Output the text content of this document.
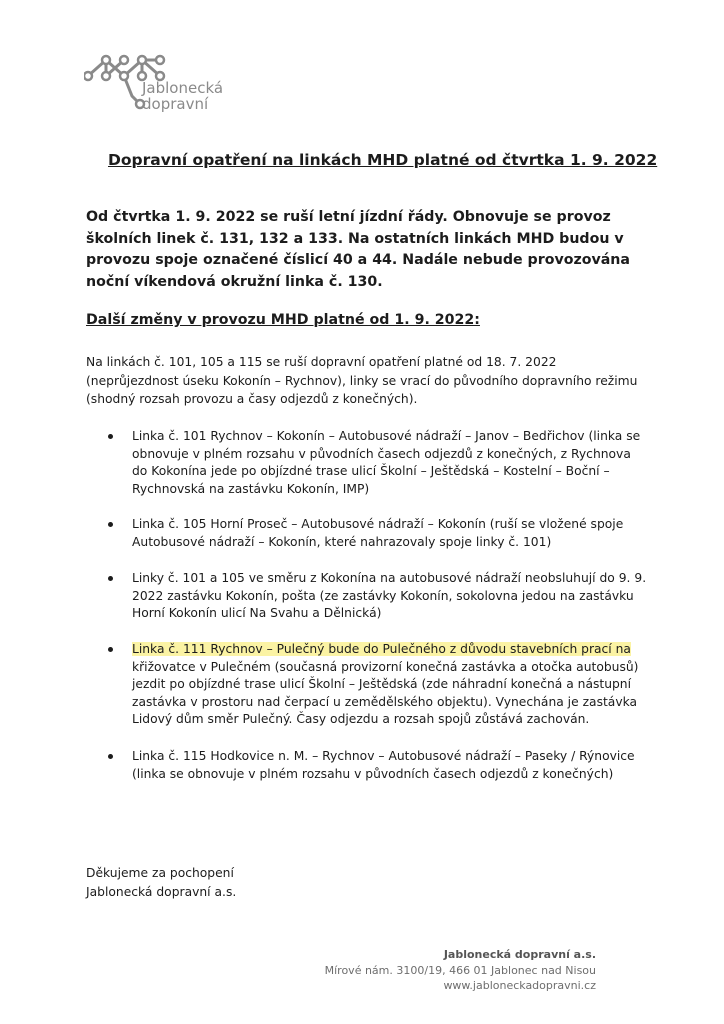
Jablonecká
dopravní
Dopravní opatření na linkách MHD platné od čtvrtka 1. 9. 2022
Od čtvrtka 1. 9. 2022 se ruší letní jízdní řády. Obnovuje se provoz školních linek č. 131, 132 a 133. Na ostatních linkách MHD budou v provozu spoje označené číslicí 40 a 44. Nadále nebude provozována noční víkendová okružní linka č. 130.
Další změny v provozu MHD platné od 1. 9. 2022:
Na linkách č. 101, 105 a 115 se ruší dopravní opatření platné od 18. 7. 2022 (neprůjezdnost úseku Kokonín – Rychnov), linky se vrací do původního dopravního režimu (shodný rozsah provozu a časy odjezdů z konečných).
Linka č. 101 Rychnov – Kokonín – Autobusové nádraží – Janov – Bedřichov (linka se obnovuje v plném rozsahu v původních časech odjezdů z konečných, z Rychnova do Kokonína jede po objízdné trase ulicí Školní – Ještědská – Kostelní – Boční – Rychnovská na zastávku Kokonín, IMP)
Linka č. 105 Horní Proseč – Autobusové nádraží – Kokonín (ruší se vložené spoje Autobusové nádraží – Kokonín, které nahrazovaly spoje linky č. 101)
Linky č. 101 a 105 ve směru z Kokonína na autobusové nádraží neobsluhují do 9. 9. 2022 zastávku Kokonín, pošta (ze zastávky Kokonín, sokolovna jedou na zastávku Horní Kokonín ulicí Na Svahu a Dělnická)
Linka č. 111 Rychnov – Pulečný bude do Pulečného z důvodu stavebních prací na křižovatce v Pulečném (současná provizorní konečná zastávka a otočka autobusů) jezdit po objízdné trase ulicí Školní – Ještědská (zde náhradní konečná a nástupní zastávka v prostoru nad čerpací u zemědělského objektu). Vynechána je zastávka Lidový dům směr Pulečný. Časy odjezdu a rozsah spojů zůstává zachován.
Linka č. 115 Hodkovice n. M. – Rychnov – Autobusové nádraží – Paseky / Rýnovice (linka se obnovuje v plném rozsahu v původních časech odjezdů z konečných)
Děkujeme za pochopení
Jablonecká dopravní a.s.
Jablonecká dopravní a.s.
Mírové nám. 3100/19, 466 01 Jablonec nad Nisou
www.jabloneckadopravni.cz
